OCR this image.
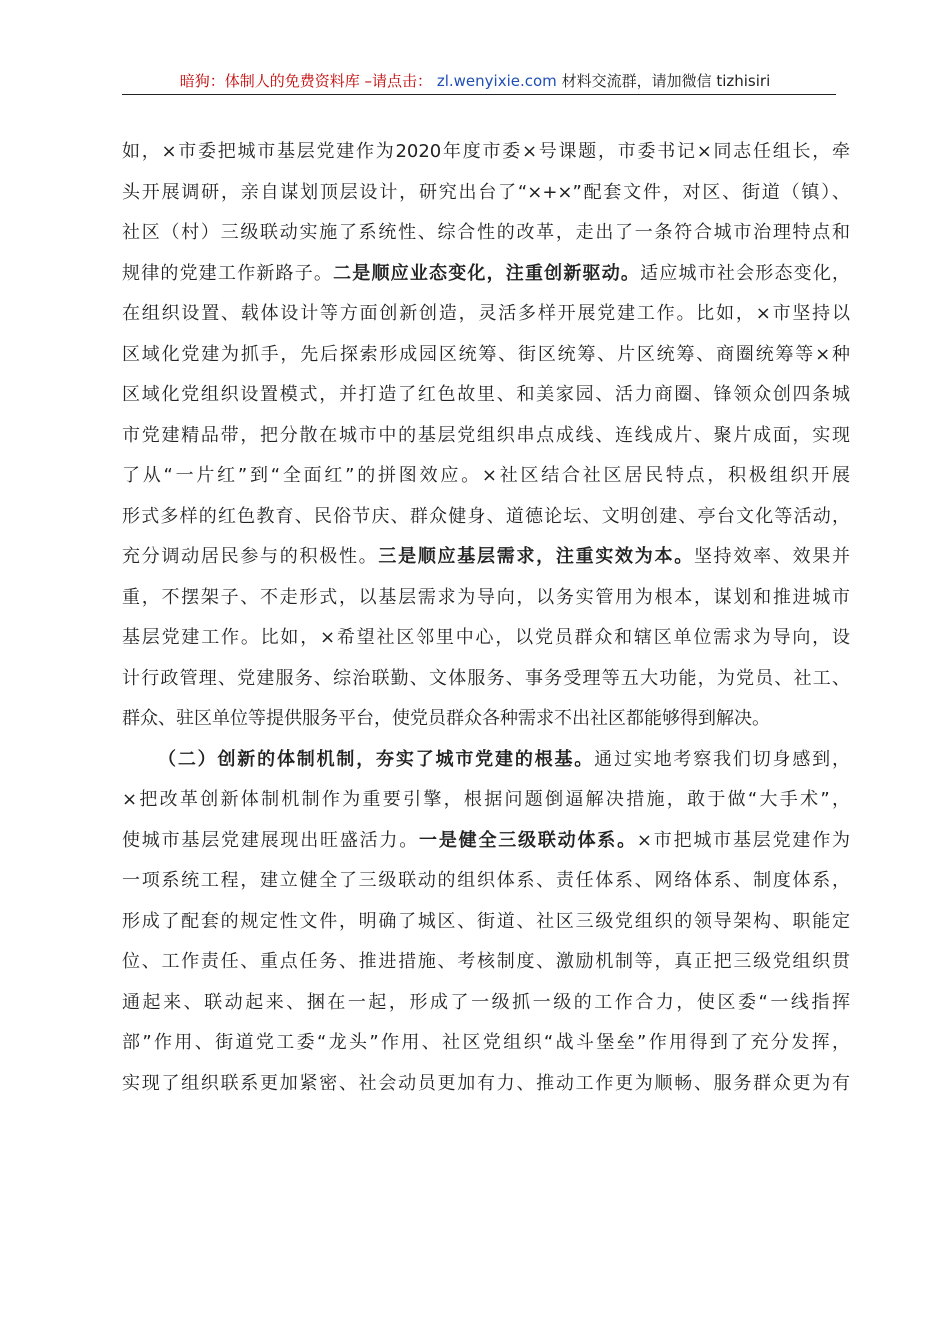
暗狗：体制人的免费资料库 –请点击： zl.wenyixie.com 材料交流群，请加微信 tizhisiri
如，×市委把城市基层党建作为2020年度市委×号课题，市委书记×同志任组长，牵
头开展调研，亲自谋划顶层设计，研究出台了“×+×”配套文件，对区、街道（镇）、
社区（村）三级联动实施了系统性、综合性的改革，走出了一条符合城市治理特点和
规律的党建工作新路子。二是顺应业态变化，注重创新驱动。适应城市社会形态变化，
在组织设置、载体设计等方面创新创造，灵活多样开展党建工作。比如，×市坚持以
区域化党建为抓手，先后探索形成园区统筹、街区统筹、片区统筹、商圈统筹等×种
区域化党组织设置模式，并打造了红色故里、和美家园、活力商圈、锋领众创四条城
市党建精品带，把分散在城市中的基层党组织串点成线、连线成片、聚片成面，实现
了从“一片红”到“全面红”的拼图效应。×社区结合社区居民特点，积极组织开展
形式多样的红色教育、民俗节庆、群众健身、道德论坛、文明创建、亭台文化等活动，
充分调动居民参与的积极性。三是顺应基层需求，注重实效为本。坚持效率、效果并
重，不摆架子、不走形式，以基层需求为导向，以务实管用为根本，谋划和推进城市
基层党建工作。比如，×希望社区邻里中心，以党员群众和辖区单位需求为导向，设
计行政管理、党建服务、综治联勤、文体服务、事务受理等五大功能，为党员、社工、
群众、驻区单位等提供服务平台，使党员群众各种需求不出社区都能够得到解决。
（二）创新的体制机制，夯实了城市党建的根基。通过实地考察我们切身感到，
×把改革创新体制机制作为重要引擎，根据问题倒逼解决措施，敢于做“大手术”，
使城市基层党建展现出旺盛活力。一是健全三级联动体系。×市把城市基层党建作为
一项系统工程，建立健全了三级联动的组织体系、责任体系、网络体系、制度体系，
形成了配套的规定性文件，明确了城区、街道、社区三级党组织的领导架构、职能定
位、工作责任、重点任务、推进措施、考核制度、激励机制等，真正把三级党组织贯
通起来、联动起来、捆在一起，形成了一级抓一级的工作合力，使区委“一线指挥
部”作用、街道党工委“龙头”作用、社区党组织“战斗堡垒”作用得到了充分发挥，
实现了组织联系更加紧密、社会动员更加有力、推动工作更为顺畅、服务群众更为有
